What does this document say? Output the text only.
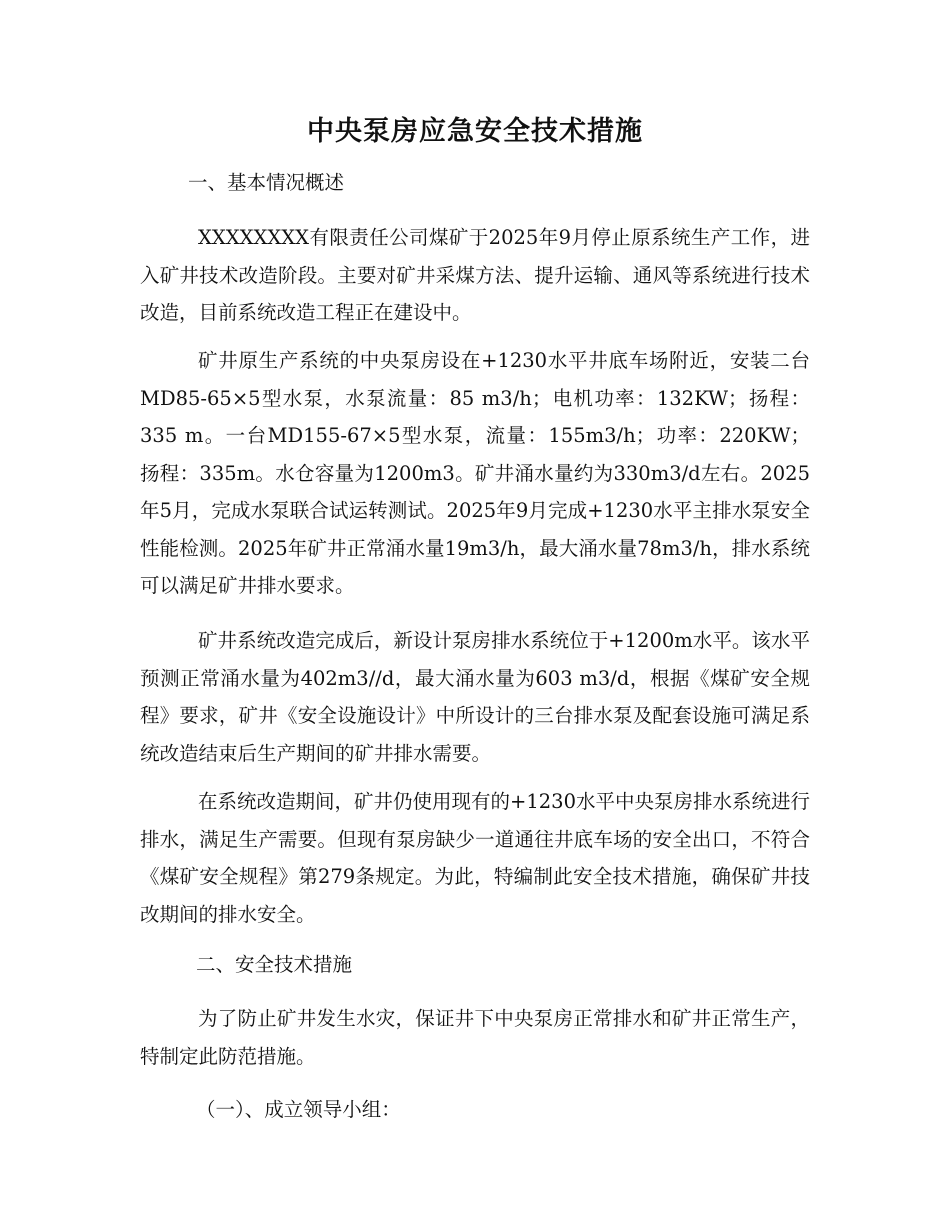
中央泵房应急安全技术措施

一、基本情况概述

XXXXXXXX有限责任公司煤矿于2025年9月停止原系统生产工作，进入矿井技术改造阶段。主要对矿井采煤方法、提升运输、通风等系统进行技术改造，目前系统改造工程正在建设中。

矿井原生产系统的中央泵房设在+1230水平井底车场附近，安装二台MD85-65×5型水泵，水泵流量：85 m3/h；电机功率：132KW；扬程：335 m。一台MD155-67×5型水泵，流量：155m3/h；功率：220KW； 扬程：335m。水仓容量为1200m3。矿井涌水量约为330m3/d左右。2025年5月，完成水泵联合试运转测试。2025年9月完成+1230水平主排水泵安全性能检测。2025年矿井正常涌水量19m3/h，最大涌水量78m3/h，排水系统可以满足矿井排水要求。

矿井系统改造完成后，新设计泵房排水系统位于+1200m水平。该水平预测正常涌水量为402m3//d，最大涌水量为603 m3/d，根据《煤矿安全规程》要求，矿井《安全设施设计》中所设计的三台排水泵及配套设施可满足系统改造结束后生产期间的矿井排水需要。

在系统改造期间，矿井仍使用现有的+1230水平中央泵房排水系统进行排水，满足生产需要。但现有泵房缺少一道通往井底车场的安全出口，不符合《煤矿安全规程》第279条规定。为此，特编制此安全技术措施，确保矿井技改期间的排水安全。

二、安全技术措施

为了防止矿井发生水灾，保证井下中央泵房正常排水和矿井正常生产，特制定此防范措施。

（一）、成立领导小组：
